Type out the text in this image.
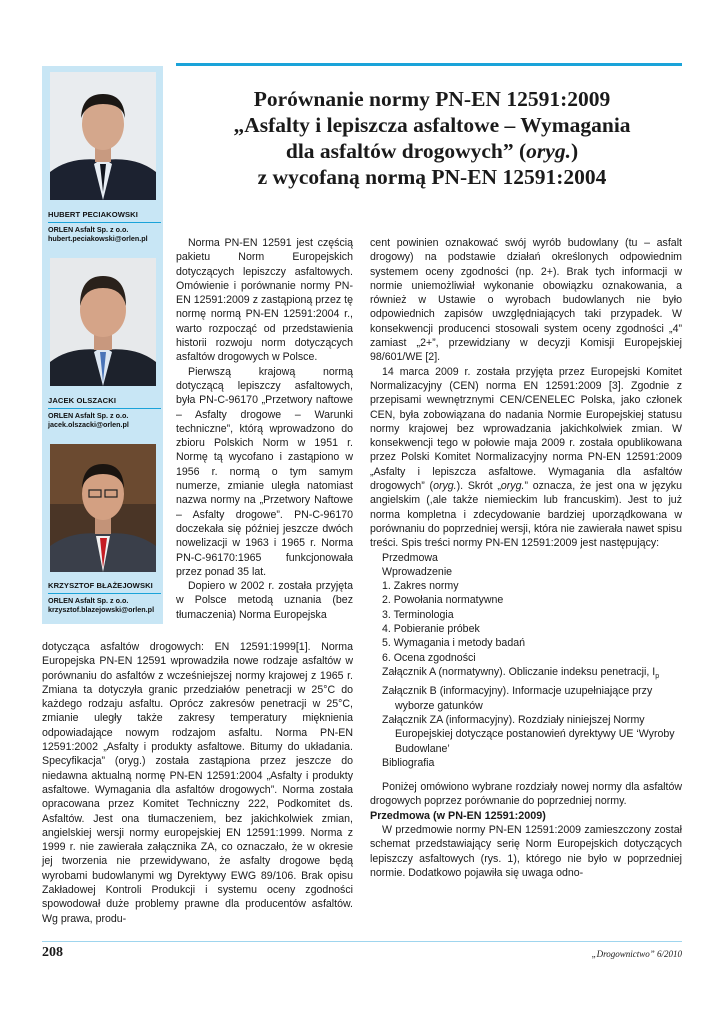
HUBERT PECIAKOWSKI
ORLEN Asfalt Sp. z o.o.
hubert.peciakowski@orlen.pl
JACEK OLSZACKI
ORLEN Asfalt Sp. z o.o.
jacek.olszacki@orlen.pl
KRZYSZTOF BŁAŻEJOWSKI
ORLEN Asfalt Sp. z o.o.
krzysztof.blazejowski@orlen.pl
Porównanie normy PN-EN 12591:2009
„Asfalty i lepiszcza asfaltowe – Wymagania
dla asfaltów drogowych” (oryg.)
z wycofaną normą PN-EN 12591:2004

Norma PN-EN 12591 jest częścią pakietu Norm Europejskich dotyczących lepiszczy asfaltowych. Omówienie i porównanie normy PN-EN 12591:2009 z zastąpioną przez tę normę normą PN-EN 12591:2004 r., warto rozpocząć od przedstawienia historii rozwoju norm dotyczących asfaltów drogowych w Polsce.

Pierwszą krajową normą dotyczącą lepiszczy asfaltowych, była PN-C-96170 „Przetwory naftowe – Asfalty drogowe – Warunki techniczne”, którą wprowadzono do zbioru Polskich Norm w 1951 r. Normę tą wycofano i zastąpiono w 1956 r. normą o tym samym numerze, zmianie uległa natomiast nazwa normy na „Przetwory Naftowe – Asfalty drogowe”. PN-C-96170 doczekała się później jeszcze dwóch nowelizacji w 1963 i 1965 r. Norma PN-C-96170:1965 funkcjonowała przez ponad 35 lat.

Dopiero w 2002 r. została przyjęta w Polsce metodą uznania (bez tłumaczenia) Norma Europejska

dotycząca asfaltów drogowych: EN 12591:1999[1]. Norma Europejska PN-EN 12591 wprowadziła nowe rodzaje asfaltów w porównaniu do asfaltów z wcześniejszej normy krajowej z 1965 r. Zmiana ta dotyczyła granic przedziałów penetracji w 25°C do każdego rodzaju asfaltu. Oprócz zakresów penetracji w 25°C, zmianie uległy także zakresy temperatury mięknienia odpowiadające nowym rodzajom asfaltu. Norma PN-EN 12591:2002 „Asfalty i produkty asfaltowe. Bitumy do układania. Specyfikacja” (oryg.) została zastąpiona przez jeszcze do niedawna aktualną normę PN-EN 12591:2004 „Asfalty i produkty asfaltowe. Wymagania dla asfaltów drogowych”. Norma została opracowana przez Komitet Techniczny 222, Podkomitet ds. Asfaltów. Jest ona tłumaczeniem, bez jakichkolwiek zmian, angielskiej wersji normy europejskiej EN 12591:1999. Norma z 1999 r. nie zawierała załącznika ZA, co oznaczało, że w okresie jej tworzenia nie przewidywano, że asfalty drogowe będą wyrobami budowlanymi wg Dyrektywy EWG 89/106. Brak opisu Zakładowej Kontroli Produkcji i systemu oceny zgodności spowodował duże problemy prawne dla producentów asfaltów. Wg prawa, produ-

cent powinien oznakować swój wyrób budowlany (tu – asfalt drogowy) na podstawie działań określonych odpowiednim systemem oceny zgodności (np. 2+). Brak tych informacji w normie uniemożliwiał wykonanie obowiązku oznakowania, a również w Ustawie o wyrobach budowlanych nie było odpowiednich zapisów uwzględniających taki przypadek. W konsekwencji producenci stosowali system oceny zgodności „4” zamiast „2+”, przewidziany w decyzji Komisji Europejskiej 98/601/WE [2].

14 marca 2009 r. została przyjęta przez Europejski Komitet Normalizacyjny (CEN) norma EN 12591:2009 [3]. Zgodnie z przepisami wewnętrznymi CEN/CENELEC Polska, jako członek CEN, była zobowiązana do nadania Normie Europejskiej statusu normy krajowej bez wprowadzania jakichkolwiek zmian. W konsekwencji tego w połowie maja 2009 r. została opublikowana przez Polski Komitet Normalizacyjny norma PN-EN 12591:2009 „Asfalty i lepiszcza asfaltowe. Wymagania dla asfaltów drogowych” (oryg.). Skrót „oryg.” oznacza, że jest ona w języku angielskim (,ale także niemieckim lub francuskim). Jest to już norma kompletna i zdecydowanie bardziej uporządkowana w porównaniu do poprzedniej wersji, która nie zawierała nawet spisu treści. Spis treści normy PN-EN 12591:2009 jest następujący:

Przedmowa
Wprowadzenie
1. Zakres normy
2. Powołania normatywne
3. Terminologia
4. Pobieranie próbek
5. Wymagania i metody badań
6. Ocena zgodności
Załącznik A (normatywny). Obliczanie indeksu penetracji, $I_p$
Załącznik B (informacyjny). Informacje uzupełniające przy wyborze gatunków
Załącznik ZA (informacyjny). Rozdziały niniejszej Normy Europejskiej dotyczące postanowień dyrektywy UE ‘Wyroby Budowlane’
Bibliografia

Poniżej omówiono wybrane rozdziały nowej normy dla asfaltów drogowych poprzez porównanie do poprzedniej normy.

Przedmowa (w PN-EN 12591:2009)

W przedmowie normy PN-EN 12591:2009 zamieszczony został schemat przedstawiający serię Norm Europejskich dotyczących lepiszczy asfaltowych (rys. 1), którego nie było w poprzedniej normie. Dodatkowo pojawiła się uwaga odno-

208	„Drogownictwo” 6/2010
